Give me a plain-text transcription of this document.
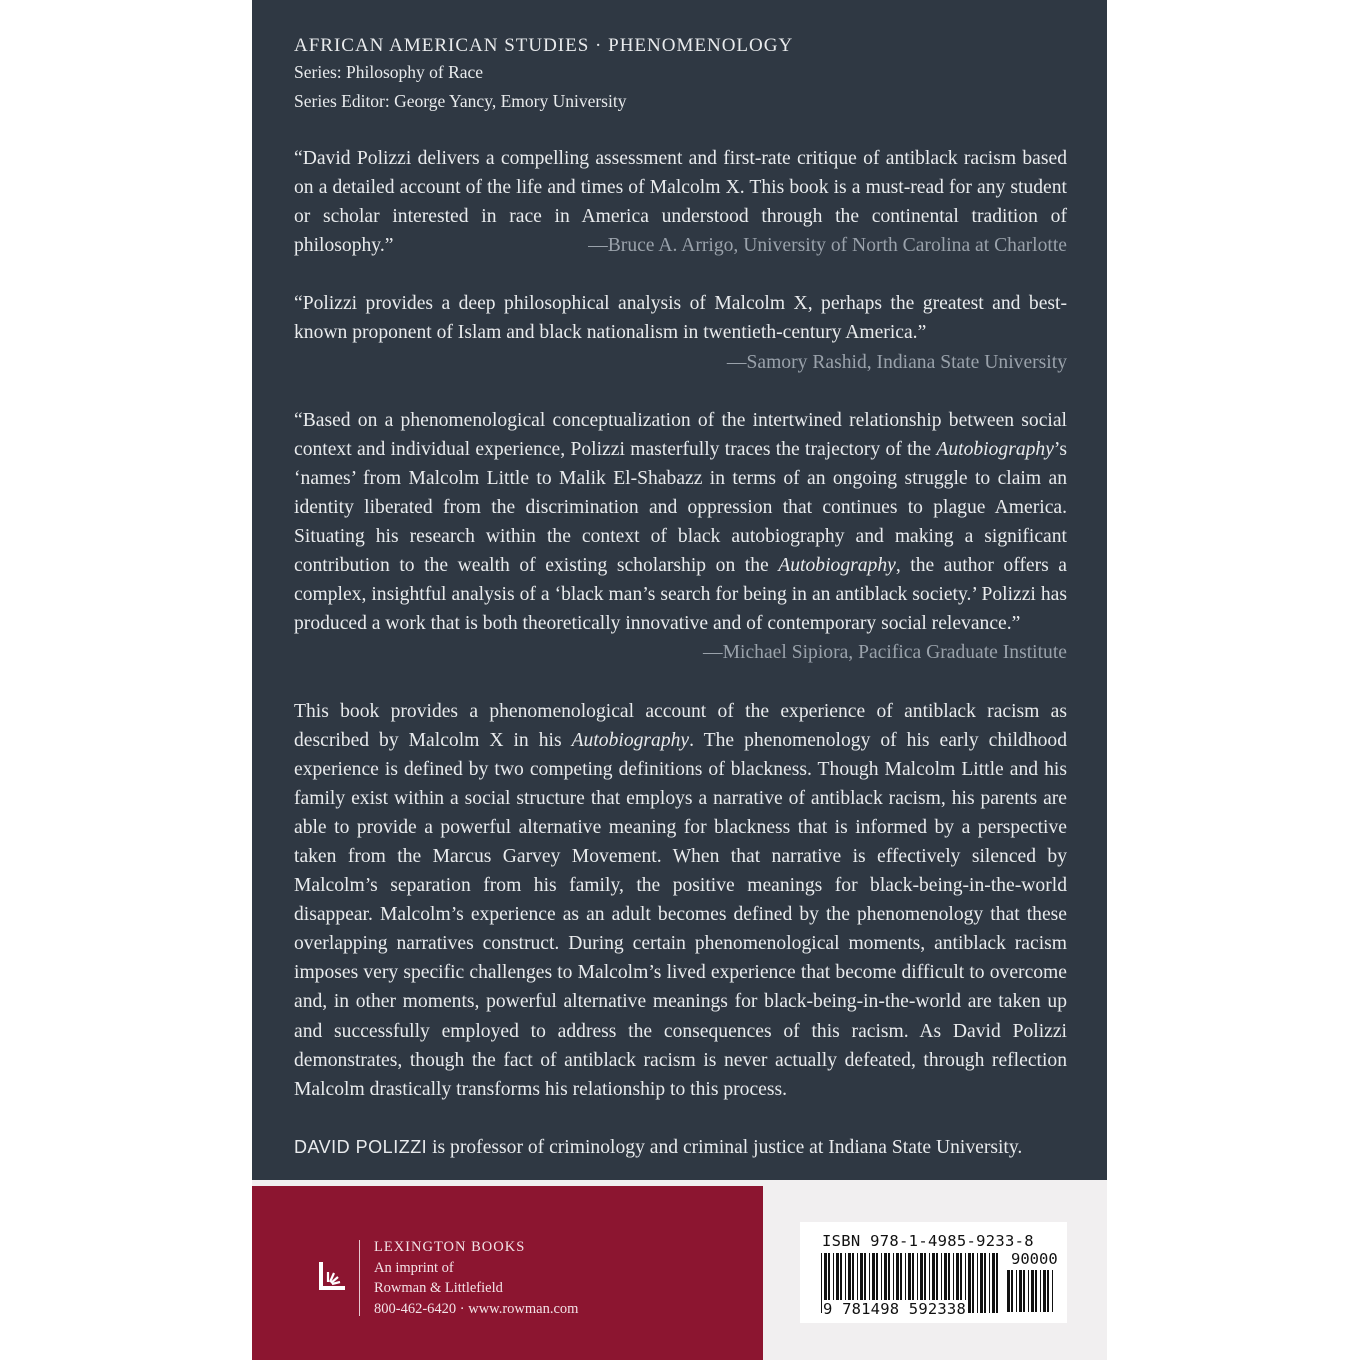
AFRICAN AMERICAN STUDIES · PHENOMENOLOGY
Series: Philosophy of Race
Series Editor: George Yancy, Emory University
“David Polizzi delivers a compelling assessment and first-rate critique of antiblack racism based on a detailed account of the life and times of Malcolm X. This book is a must-read for any student or scholar interested in race in America understood through the continental tradition of philosophy.”	—Bruce A. Arrigo, University of North Carolina at Charlotte
“Polizzi provides a deep philosophical analysis of Malcolm X, perhaps the greatest and best-known proponent of Islam and black nationalism in twentieth-century America.”
—Samory Rashid, Indiana State University
“Based on a phenomenological conceptualization of the intertwined relationship between social context and individual experience, Polizzi masterfully traces the trajectory of the Autobiography’s ‘names’ from Malcolm Little to Malik El-Shabazz in terms of an ongoing struggle to claim an identity liberated from the discrimination and oppression that continues to plague America. Situating his research within the context of black autobiography and making a significant contribution to the wealth of existing scholarship on the Autobiography, the author offers a complex, insightful analysis of a ‘black man’s search for being in an antiblack society.’ Polizzi has produced a work that is both theoretically innovative and of contemporary social relevance.”
—Michael Sipiora, Pacifica Graduate Institute
This book provides a phenomenological account of the experience of antiblack racism as described by Malcolm X in his Autobiography. The phenomenology of his early childhood experience is defined by two competing definitions of blackness. Though Malcolm Little and his family exist within a social structure that employs a narrative of antiblack racism, his parents are able to provide a powerful alternative meaning for blackness that is informed by a perspective taken from the Marcus Garvey Movement. When that narrative is effectively silenced by Malcolm’s separation from his family, the positive meanings for black-being-in-the-world disappear. Malcolm’s experience as an adult becomes defined by the phenomenology that these overlapping narratives construct. During certain phenomenological moments, antiblack racism imposes very specific challenges to Malcolm’s lived experience that become difficult to overcome and, in other moments, powerful alternative meanings for black-being-in-the-world are taken up and successfully employed to address the consequences of this racism. As David Polizzi demonstrates, though the fact of antiblack racism is never actually defeated, through reflection Malcolm drastically transforms his relationship to this process.
DAVID POLIZZI is professor of criminology and criminal justice at Indiana State University.
LEXINGTON BOOKS
An imprint of
Rowman & Littlefield
800-462-6420 · www.rowman.com
ISBN 978-1-4985-9233-8
90000
9 781498 592338
